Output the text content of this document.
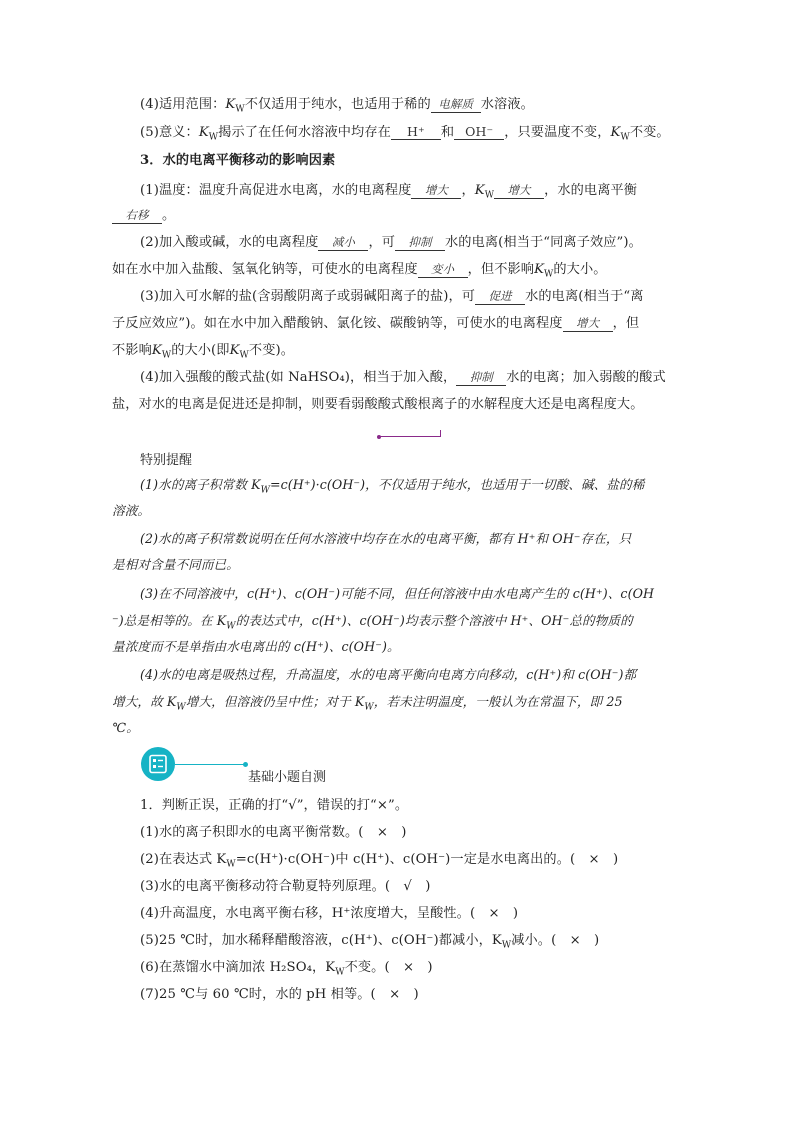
(4)适用范围：$K_W$不仅适用于纯水，也适用于稀的 电解质 水溶液。
(5)意义：$K_W$揭示了在任何水溶液中均存在 H⁺ 和 OH⁻ ，只要温度不变，$K_W$不变。
3．水的电离平衡移动的影响因素
(1)温度：温度升高促进水电离，水的电离程度 增大 ，$K_W$ 增大 ，水的电离平衡
右移 。
(2)加入酸或碱，水的电离程度 减小 ，可 抑制 水的电离(相当于“同离子效应”)。
如在水中加入盐酸、氢氧化钠等，可使水的电离程度 变小 ，但不影响$K_W$的大小。
(3)加入可水解的盐(含弱酸阴离子或弱碱阳离子的盐)，可 促进 水的电离(相当于“离
子反应效应”)。如在水中加入醋酸钠、氯化铵、碳酸钠等，可使水的电离程度 增大 ，但
不影响$K_W$的大小(即$K_W$不变)。
(4)加入强酸的酸式盐(如 NaHSO₄)，相当于加入酸， 抑制 水的电离；加入弱酸的酸式
盐，对水的电离是促进还是抑制，则要看弱酸酸式酸根离子的水解程度大还是电离程度大。
特别提醒
(1)水的离子积常数 $K_W=c(H^+)\cdot c(OH^-)$，不仅适用于纯水，也适用于一切酸、碱、盐的稀
溶液。
(2)水的离子积常数说明在任何水溶液中均存在水的电离平衡，都有 H⁺和 OH⁻存在，只
是相对含量不同而已。
(3)在不同溶液中，c(H⁺)、c(OH⁻)可能不同，但任何溶液中由水电离产生的 c(H⁺)、c(OH
⁻)总是相等的。在 $K_W$的表达式中，c(H⁺)、c(OH⁻)均表示整个溶液中 H⁺、OH⁻总的物质的
量浓度而不是单指由水电离出的 c(H⁺)、c(OH⁻)。
(4)水的电离是吸热过程，升高温度，水的电离平衡向电离方向移动，c(H⁺)和 c(OH⁻)都
增大，故 $K_W$增大，但溶液仍呈中性；对于 $K_W$，若未注明温度，一般认为在常温下，即 25
℃。
基础小题自测
1．判断正误，正确的打“√”，错误的打“×”。
(1)水的离子积即水的电离平衡常数。(　×　)
(2)在表达式 $K_W=c(H^+)\cdot c(OH^-)$中 c(H⁺)、c(OH⁻)一定是水电离出的。(　×　)
(3)水的电离平衡移动符合勒夏特列原理。(　√　)
(4)升高温度，水电离平衡右移，H⁺浓度增大，呈酸性。(　×　)
(5)25 ℃时，加水稀释醋酸溶液，c(H⁺)、c(OH⁻)都减小，$K_W$减小。(　×　)
(6)在蒸馏水中滴加浓 H₂SO₄，$K_W$不变。(　×　)
(7)25 ℃与 60 ℃时，水的 pH 相等。(　×　)
